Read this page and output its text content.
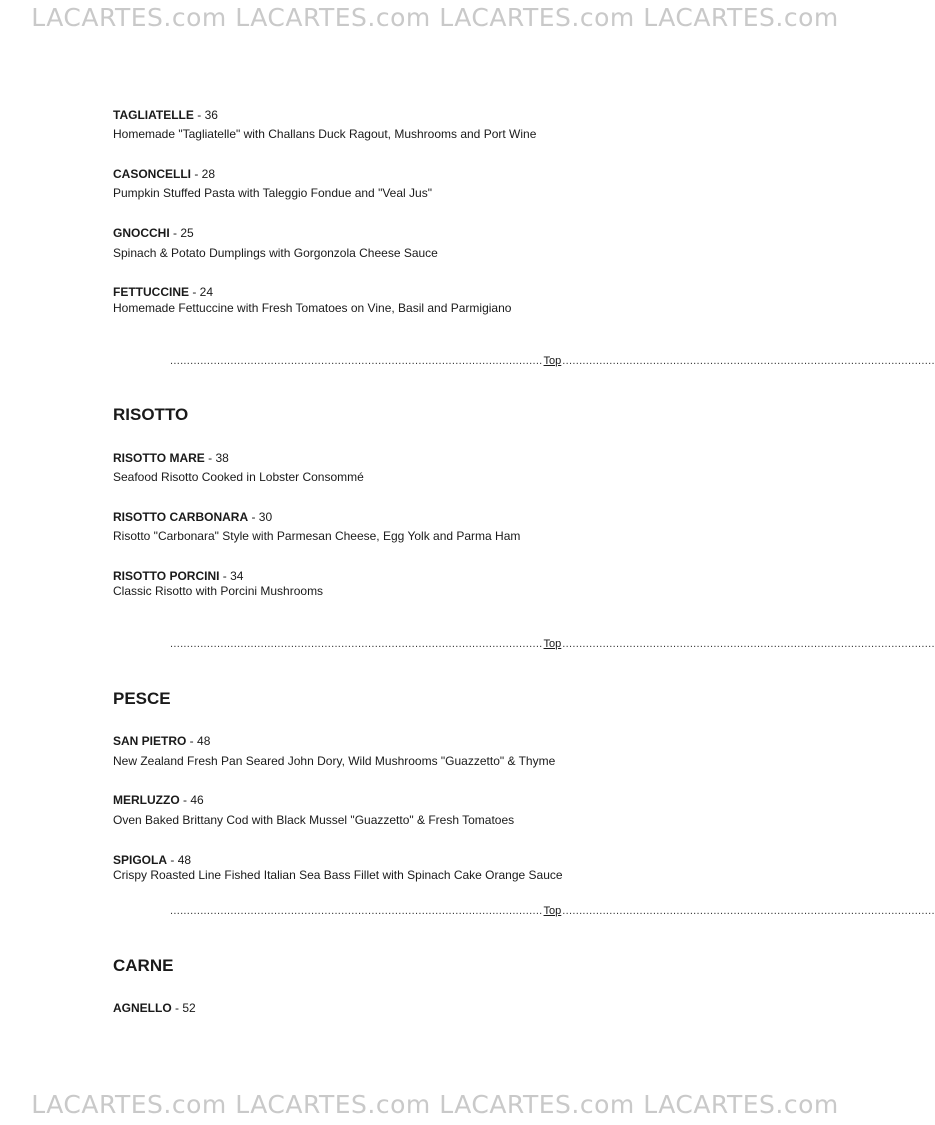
LACARTES.com LACARTES.com LACARTES.com LACARTES.com
TAGLIATELLE - 36
Homemade "Tagliatelle" with Challans Duck Ragout, Mushrooms and Port Wine
CASONCELLI - 28
Pumpkin Stuffed Pasta with Taleggio Fondue and "Veal Jus"
GNOCCHI - 25
Spinach & Potato Dumplings with Gorgonzola Cheese Sauce
FETTUCCINE - 24
Homemade Fettuccine with Fresh Tomatoes on Vine, Basil and Parmigiano
............................................................................................................... Top ...............................................................................................................
RISOTTO
RISOTTO MARE - 38
Seafood Risotto Cooked in Lobster Consommé
RISOTTO CARBONARA - 30
Risotto "Carbonara" Style with Parmesan Cheese, Egg Yolk and Parma Ham
RISOTTO PORCINI - 34
Classic Risotto with Porcini Mushrooms
............................................................................................................... Top ...............................................................................................................
PESCE
SAN PIETRO - 48
New Zealand Fresh Pan Seared John Dory, Wild Mushrooms "Guazzetto" & Thyme
MERLUZZO - 46
Oven Baked Brittany Cod with Black Mussel "Guazzetto" & Fresh Tomatoes
SPIGOLA - 48
Crispy Roasted Line Fished Italian Sea Bass Fillet with Spinach Cake Orange Sauce
............................................................................................................... Top ...............................................................................................................
CARNE
AGNELLO - 52
LACARTES.com LACARTES.com LACARTES.com LACARTES.com
